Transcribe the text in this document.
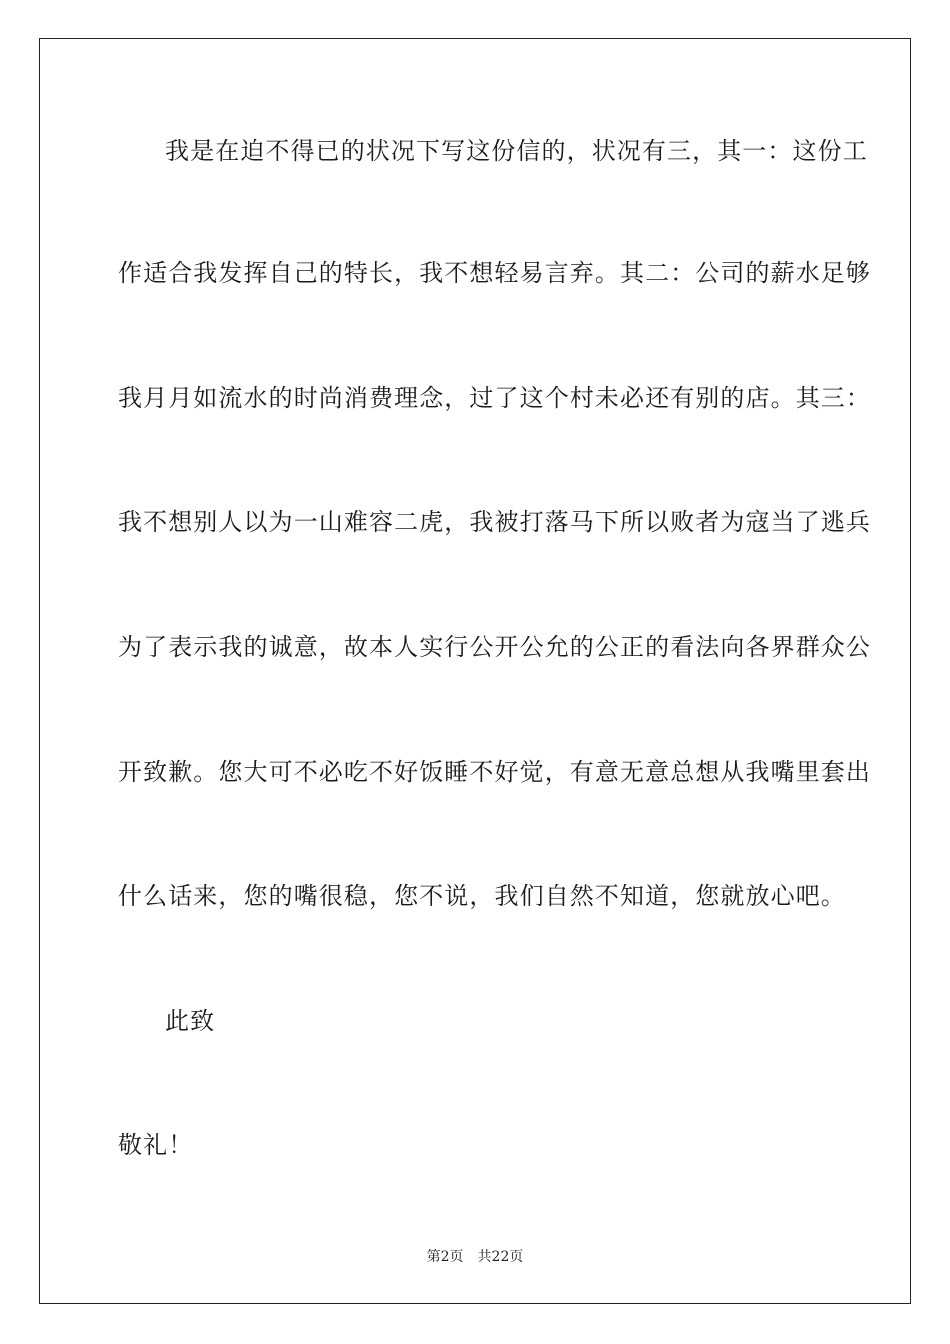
我是在迫不得已的状况下写这份信的，状况有三，其一：这份工
作适合我发挥自己的特长，我不想轻易言弃。其二：公司的薪水足够
我月月如流水的时尚消费理念，过了这个村未必还有别的店。其三：
我不想别人以为一山难容二虎，我被打落马下所以败者为寇当了逃兵
为了表示我的诚意，故本人实行公开公允的公正的看法向各界群众公
开致歉。您大可不必吃不好饭睡不好觉，有意无意总想从我嘴里套出
什么话来，您的嘴很稳，您不说，我们自然不知道，您就放心吧。
此致
敬礼！
第2页 共22页
